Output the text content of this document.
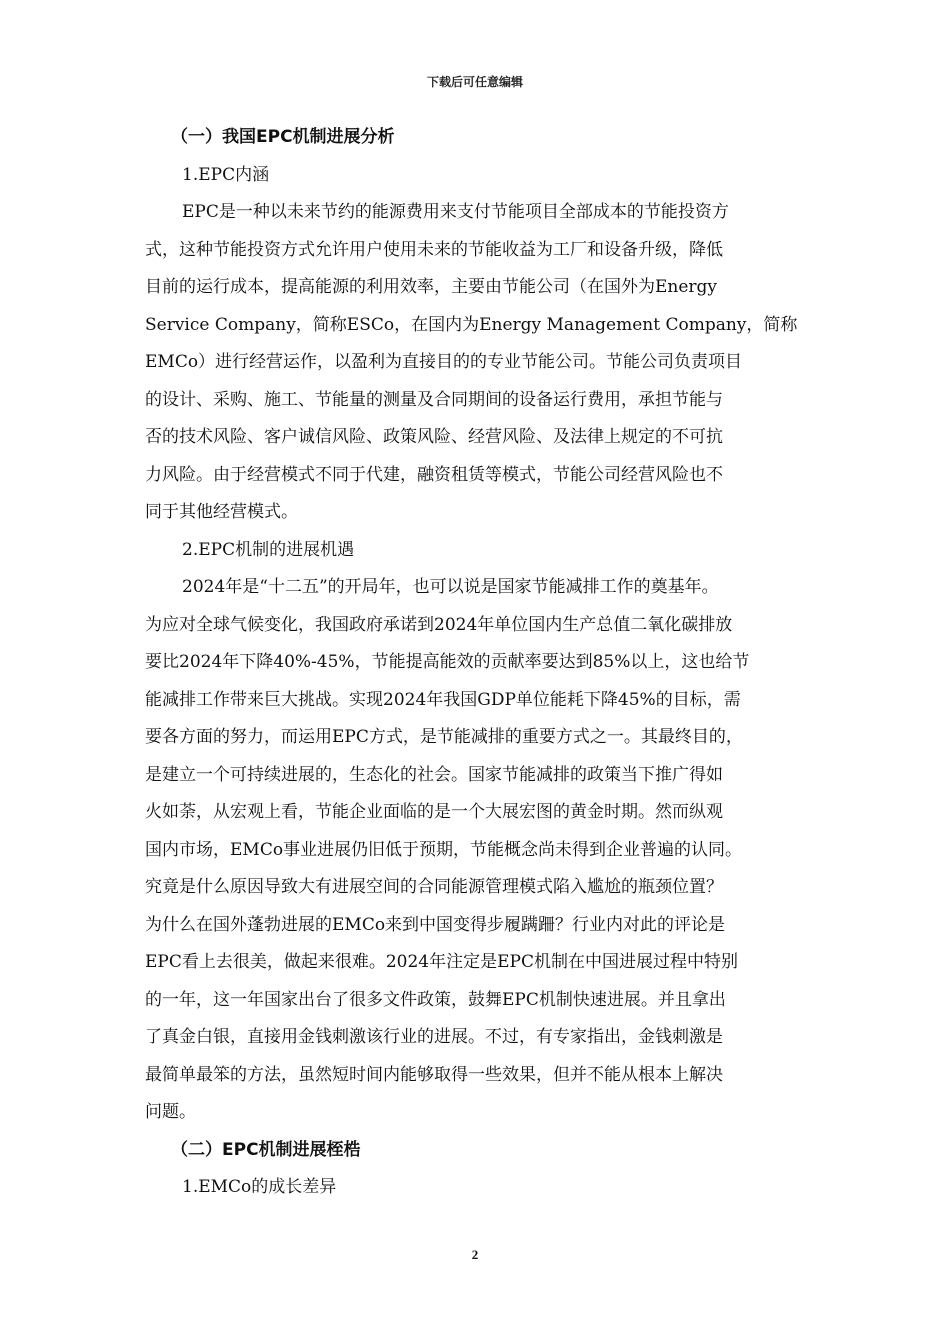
下载后可任意编辑
（一）我国EPC机制进展分析
1.EPC内涵
EPC是一种以未来节约的能源费用来支付节能项目全部成本的节能投资方
式，这种节能投资方式允许用户使用未来的节能收益为工厂和设备升级，降低
目前的运行成本，提高能源的利用效率，主要由节能公司（在国外为Energy
Service Company，简称ESCo，在国内为Energy Management Company，简称
EMCo）进行经营运作，以盈利为直接目的的专业节能公司。节能公司负责项目
的设计、采购、施工、节能量的测量及合同期间的设备运行费用，承担节能与
否的技术风险、客户诚信风险、政策风险、经营风险、及法律上规定的不可抗
力风险。由于经营模式不同于代建，融资租赁等模式，节能公司经营风险也不
同于其他经营模式。
2.EPC机制的进展机遇
2024年是“十二五”的开局年，也可以说是国家节能减排工作的奠基年。
为应对全球气候变化，我国政府承诺到2024年单位国内生产总值二氧化碳排放
要比2024年下降40%-45%，节能提高能效的贡献率要达到85%以上，这也给节
能减排工作带来巨大挑战。实现2024年我国GDP单位能耗下降45%的目标，需
要各方面的努力，而运用EPC方式，是节能减排的重要方式之一。其最终目的，
是建立一个可持续进展的，生态化的社会。国家节能减排的政策当下推广得如
火如荼，从宏观上看，节能企业面临的是一个大展宏图的黄金时期。然而纵观
国内市场，EMCo事业进展仍旧低于预期，节能概念尚未得到企业普遍的认同。
究竟是什么原因导致大有进展空间的合同能源管理模式陷入尴尬的瓶颈位置？
为什么在国外蓬勃进展的EMCo来到中国变得步履蹒跚？行业内对此的评论是
EPC看上去很美，做起来很难。2024年注定是EPC机制在中国进展过程中特别
的一年，这一年国家出台了很多文件政策，鼓舞EPC机制快速进展。并且拿出
了真金白银，直接用金钱刺激该行业的进展。不过，有专家指出，金钱刺激是
最简单最笨的方法，虽然短时间内能够取得一些效果，但并不能从根本上解决
问题。
（二）EPC机制进展桎梏
1.EMCo的成长差异
2
